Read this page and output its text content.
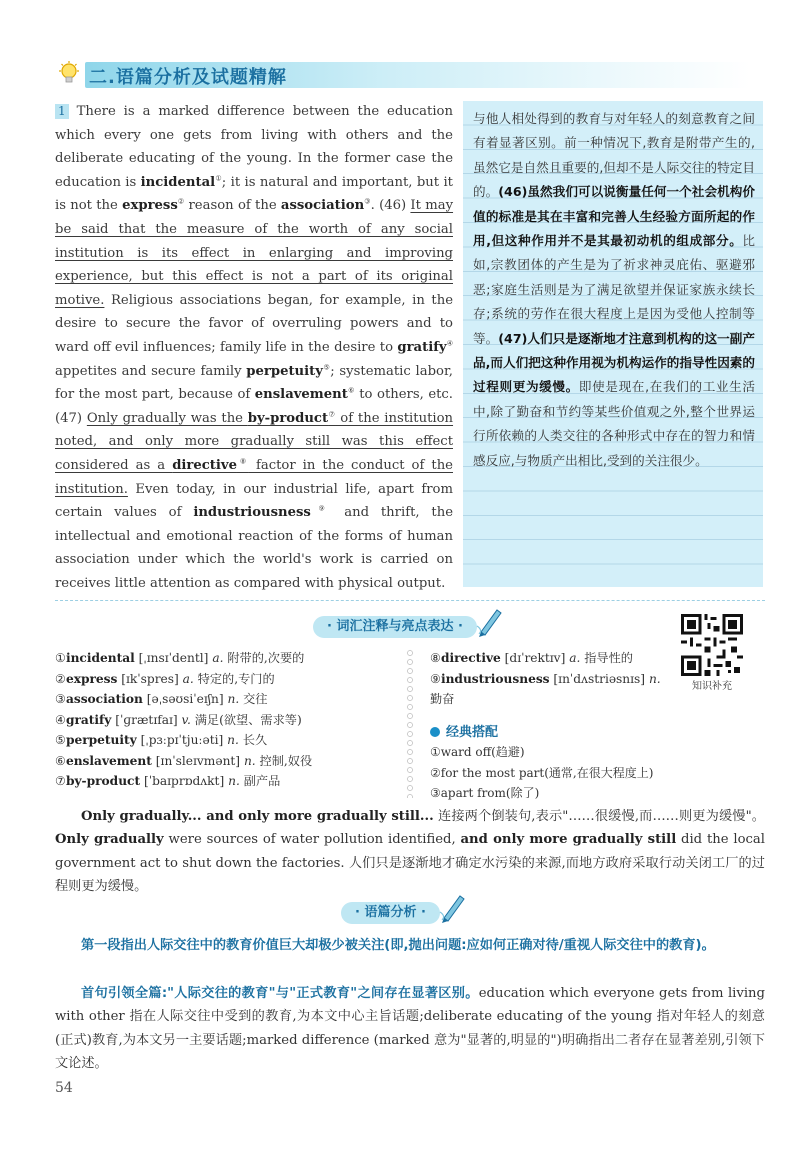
二.语篇分析及试题精解

1 There is a marked difference between the education which every one gets from living with others and the deliberate educating of the young. In the former case the education is incidental①; it is natural and important, but it is not the express② reason of the association③. (46) It may be said that the measure of the worth of any social institution is its effect in enlarging and improving experience, but this effect is not a part of its original motive. Religious associations began, for example, in the desire to secure the favor of overruling powers and to ward off evil influences; family life in the desire to gratify④ appetites and secure family perpetuity⑤; systematic labor, for the most part, because of enslavement⑥ to others, etc. (47) Only gradually was the by-product⑦ of the institution noted, and only more gradually still was this effect considered as a directive⑧ factor in the conduct of the institution. Even today, in our industrial life, apart from certain values of industriousness⑨ and thrift, the intellectual and emotional reaction of the forms of human association under which the world's work is carried on receives little attention as compared with physical output.

与他人相处得到的教育与对年轻人的刻意教育之间有着显著区别。前一种情况下,教育是附带产生的,虽然它是自然且重要的,但却不是人际交往的特定目的。(46)虽然我们可以说衡量任何一个社会机构价值的标准是其在丰富和完善人生经验方面所起的作用,但这种作用并不是其最初动机的组成部分。比如,宗教团体的产生是为了祈求神灵庇佑、驱避邪恶;家庭生活则是为了满足欲望并保证家族永续长存;系统的劳作在很大程度上是因为受他人控制等等。(47)人们只是逐渐地才注意到机构的这一副产品,而人们把这种作用视为机构运作的指导性因素的过程则更为缓慢。即使是现在,在我们的工业生活中,除了勤奋和节约等某些价值观之外,整个世界运行所依赖的人类交往的各种形式中存在的智力和情感反应,与物质产出相比,受到的关注很少。

· 词汇注释与亮点表达 ·
①incidental [ˌɪnsɪˈdentl] a. 附带的,次要的
②express [ɪkˈspres] a. 特定的,专门的
③association [əˌsəʊsiˈeɪʃn] n. 交往
④gratify [ˈɡrætɪfaɪ] v. 满足(欲望、需求等)
⑤perpetuity [ˌpɜːpɪˈtjuːəti] n. 长久
⑥enslavement [ɪnˈsleɪvmənt] n. 控制,奴役
⑦by-product [ˈbaɪprɒdʌkt] n. 副产品
⑧directive [dɪˈrektɪv] a. 指导性的
⑨industriousness [ɪnˈdʌstriəsnɪs] n.
勤奋
知识补充
经典搭配
①ward off(趋避)
②for the most part(通常,在很大程度上)
③apart from(除了)
Only gradually... and only more gradually still... 连接两个倒装句,表示"……很缓慢,而……则更为缓慢"。Only gradually were sources of water pollution identified, and only more gradually still did the local government act to shut down the factories. 人们只是逐渐地才确定水污染的来源,而地方政府采取行动关闭工厂的过程则更为缓慢。
· 语篇分析 ·
第一段指出人际交往中的教育价值巨大却极少被关注(即,抛出问题:应如何正确对待/重视人际交往中的教育)。
首句引领全篇:"人际交往的教育"与"正式教育"之间存在显著区别。education which everyone gets from living with other 指在人际交往中受到的教育,为本文中心主旨话题;deliberate educating of the young 指对年轻人的刻意(正式)教育,为本文另一主要话题;marked difference (marked 意为"显著的,明显的")明确指出二者存在显著差别,引领下文论述。
54
